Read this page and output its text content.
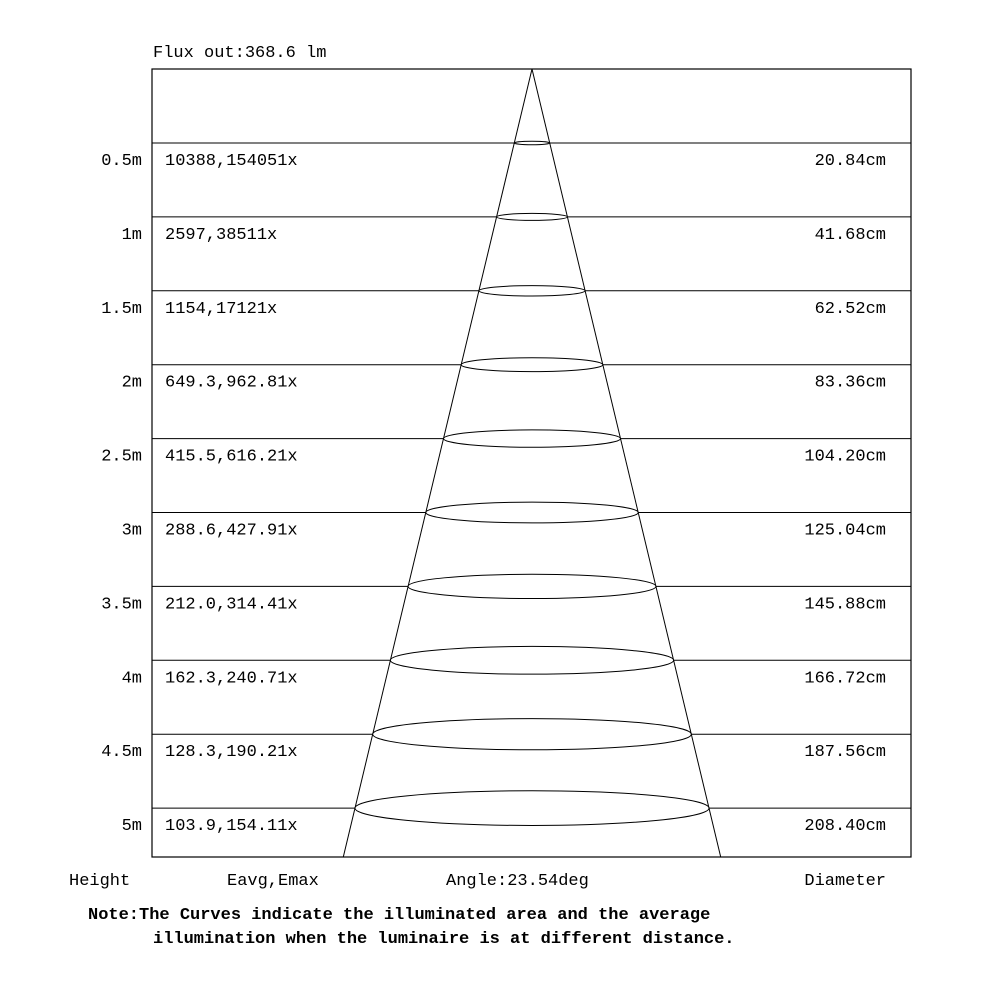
Flux out:368.6 lm
0.5m 10388,154051x	20.84cm
1m 2597,38511x	41.68cm
1.5m 1154,17121x	62.52cm
2m 649.3,962.81x	83.36cm
2.5m 415.5,616.21x	104.20cm
3m 288.6,427.91x	125.04cm
3.5m 212.0,314.41x	145.88cm
4m 162.3,240.71x	166.72cm
4.5m 128.3,190.21x	187.56cm
5m 103.9,154.11x	208.40cm
Height	Eavg,Emax	Angle:23.54deg	Diameter
Note:The Curves indicate the illuminated area and the average
illumination when the luminaire is at different distance.
